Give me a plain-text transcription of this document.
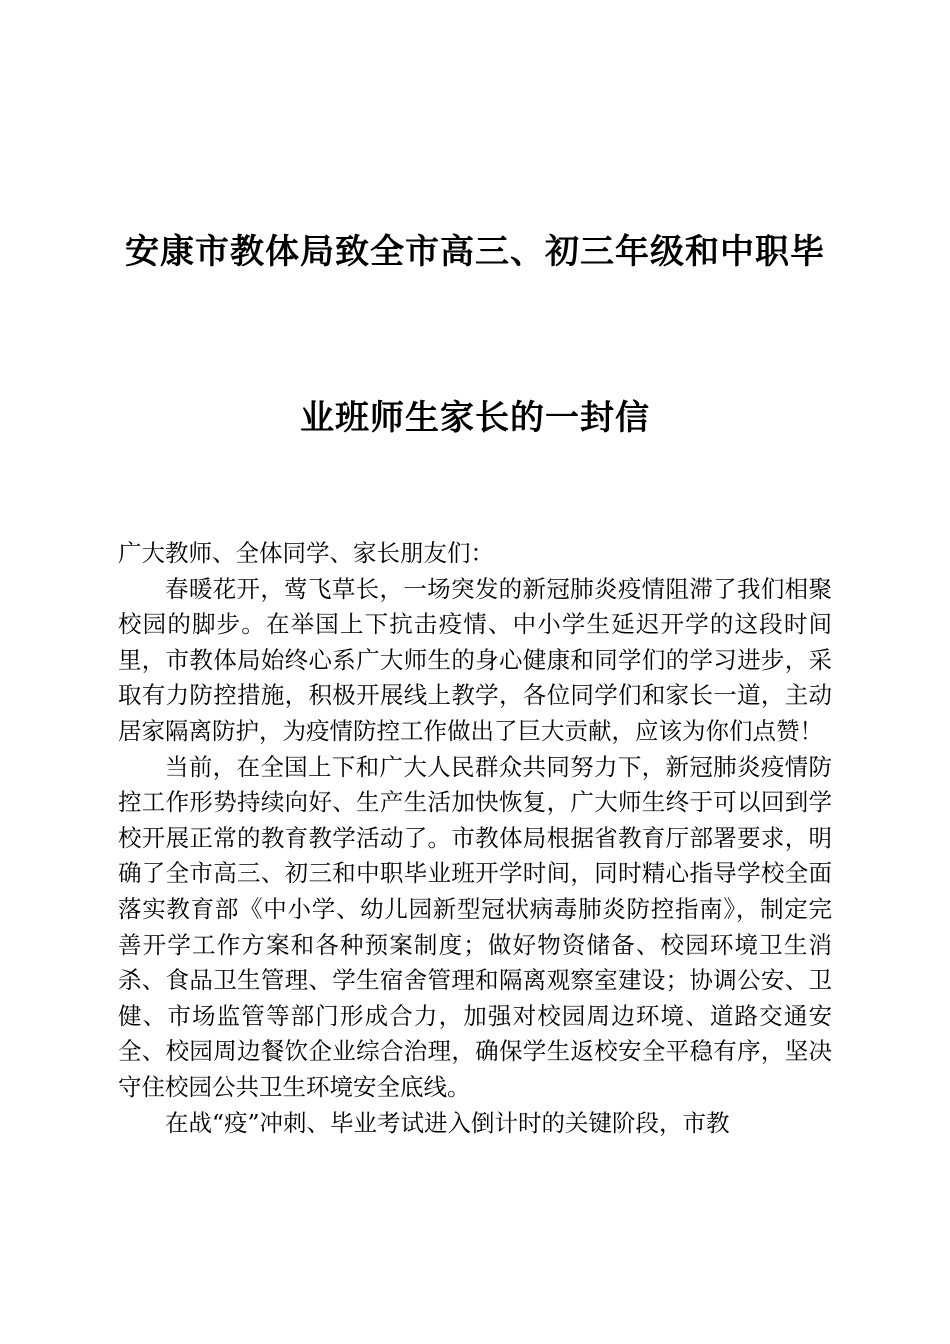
安康市教体局致全市高三、初三年级和中职毕
业班师生家长的一封信

广大教师、全体同学、家长朋友们：

春暖花开，莺飞草长，一场突发的新冠肺炎疫情阻滞了我们相聚校园的脚步。在举国上下抗击疫情、中小学生延迟开学的这段时间里，市教体局始终心系广大师生的身心健康和同学们的学习进步，采取有力防控措施，积极开展线上教学，各位同学们和家长一道，主动居家隔离防护，为疫情防控工作做出了巨大贡献，应该为你们点赞！

当前，在全国上下和广大人民群众共同努力下，新冠肺炎疫情防控工作形势持续向好、生产生活加快恢复，广大师生终于可以回到学校开展正常的教育教学活动了。市教体局根据省教育厅部署要求，明确了全市高三、初三和中职毕业班开学时间，同时精心指导学校全面落实教育部《中小学、幼儿园新型冠状病毒肺炎防控指南》，制定完善开学工作方案和各种预案制度；做好物资储备、校园环境卫生消杀、食品卫生管理、学生宿舍管理和隔离观察室建设；协调公安、卫健、市场监管等部门形成合力，加强对校园周边环境、道路交通安全、校园周边餐饮企业综合治理，确保学生返校安全平稳有序，坚决守住校园公共卫生环境安全底线。

在战“疫”冲刺、毕业考试进入倒计时的关键阶段，市教
